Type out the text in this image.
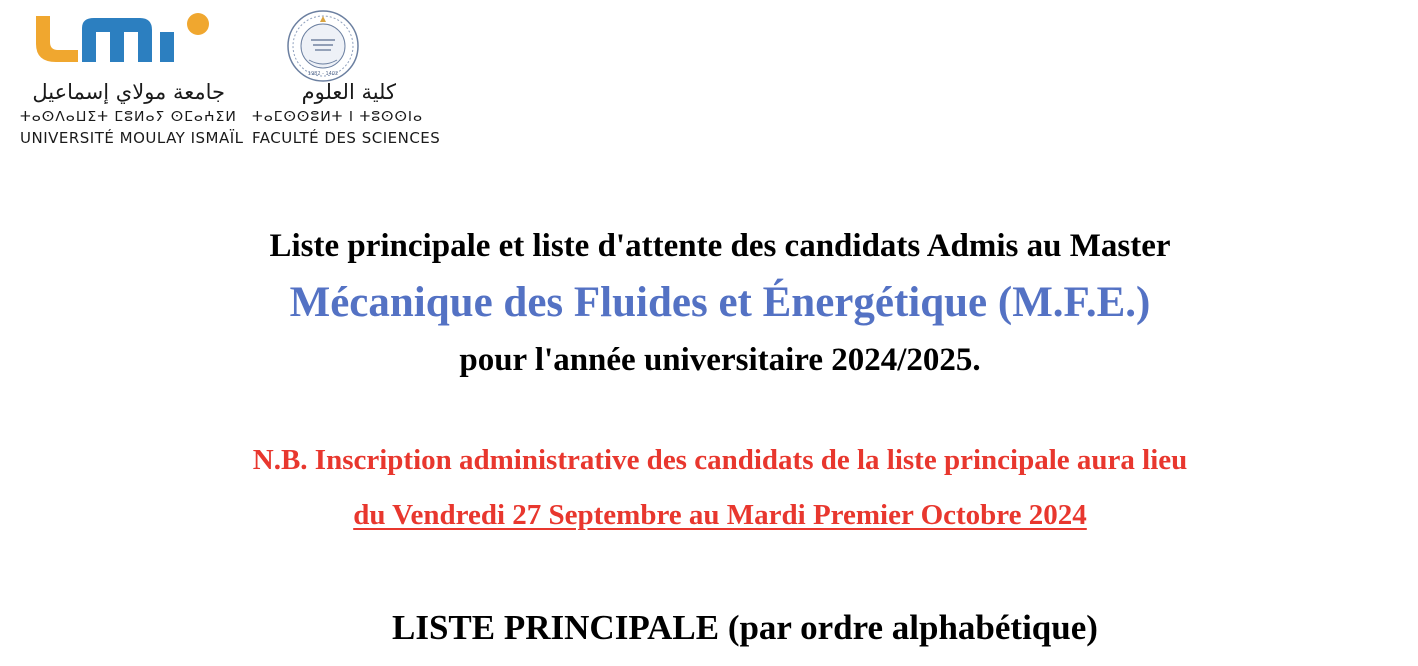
جامعة مولاي إسماعيل
ⵜⴰⵙⴷⴰⵡⵉⵜ ⵎⵓⵍⴰⵢ ⵙⵎⴰⵄⵉⵍ
UNIVERSITÉ MOULAY ISMAÏL
1982 - 1402
كلية العلوم
ⵜⴰⵎⵙⵙⵓⵍⵜ ⵏ ⵜⵓⵙⵙⵏⴰ
FACULTÉ DES SCIENCES
Liste principale et liste d'attente des candidats Admis au Master
Mécanique des Fluides et Énergétique (M.F.E.)
pour l'année universitaire 2024/2025.
N.B. Inscription administrative des candidats de la liste principale aura lieu
du Vendredi 27 Septembre au Mardi Premier Octobre 2024
LISTE PRINCIPALE (par ordre alphabétique)
